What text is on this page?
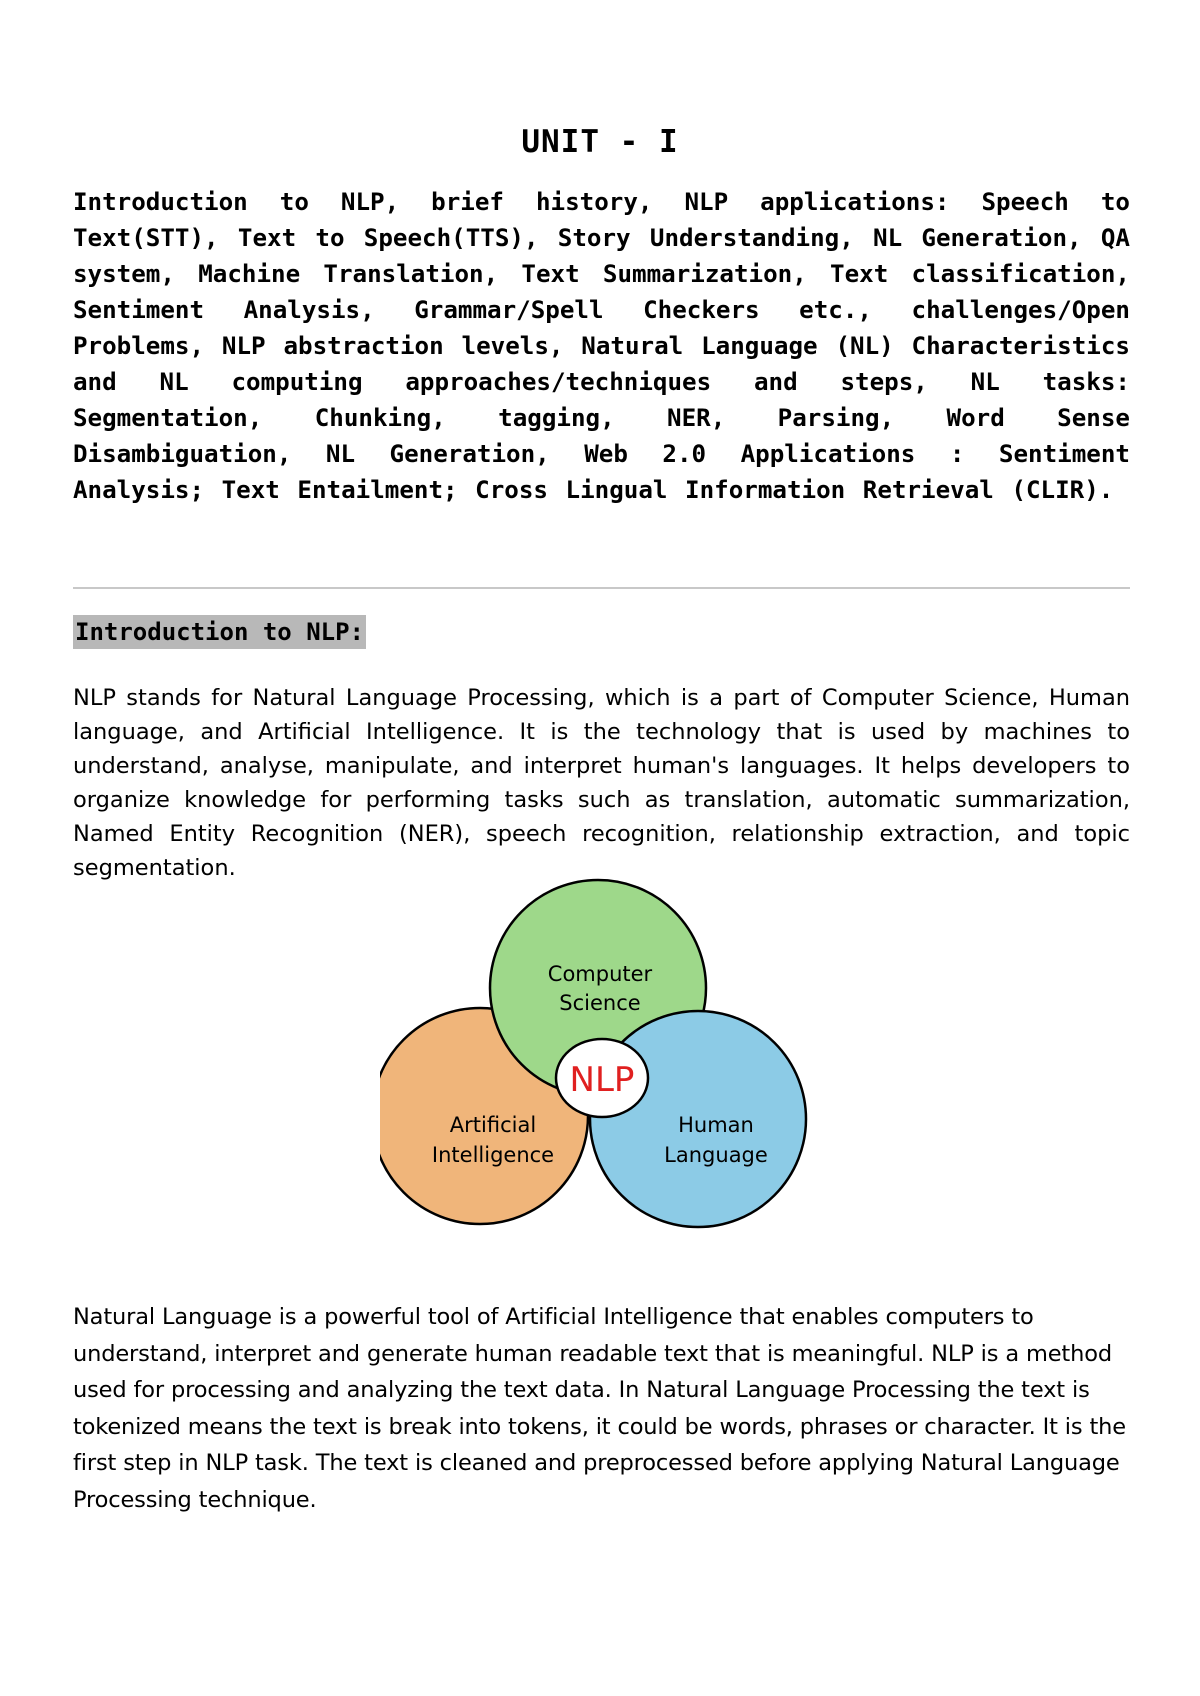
UNIT - I

Introduction to NLP, brief history, NLP applications: Speech to Text(STT), Text to Speech(TTS), Story Understanding, NL Generation, QA system, Machine Translation, Text Summarization, Text classification, Sentiment Analysis, Grammar/Spell Checkers etc., challenges/Open Problems, NLP abstraction levels, Natural Language (NL) Characteristics and NL computing approaches/techniques and steps, NL tasks: Segmentation, Chunking, tagging, NER, Parsing, Word Sense Disambiguation, NL Generation, Web 2.0 Applications : Sentiment Analysis; Text Entailment; Cross Lingual Information Retrieval (CLIR).

Introduction to NLP:

NLP stands for Natural Language Processing, which is a part of Computer Science, Human language, and Artificial Intelligence. It is the technology that is used by machines to understand, analyse, manipulate, and interpret human's languages. It helps developers to organize knowledge for performing tasks such as translation, automatic summarization, Named Entity Recognition (NER), speech recognition, relationship extraction, and topic segmentation.

Computer
Science
Artificial
Intelligence
Human
Language
NLP

Natural Language is a powerful tool of Artificial Intelligence that enables computers to understand, interpret and generate human readable text that is meaningful. NLP is a method used for processing and analyzing the text data. In Natural Language Processing the text is tokenized means the text is break into tokens, it could be words, phrases or character. It is the first step in NLP task. The text is cleaned and preprocessed before applying Natural Language Processing technique.
